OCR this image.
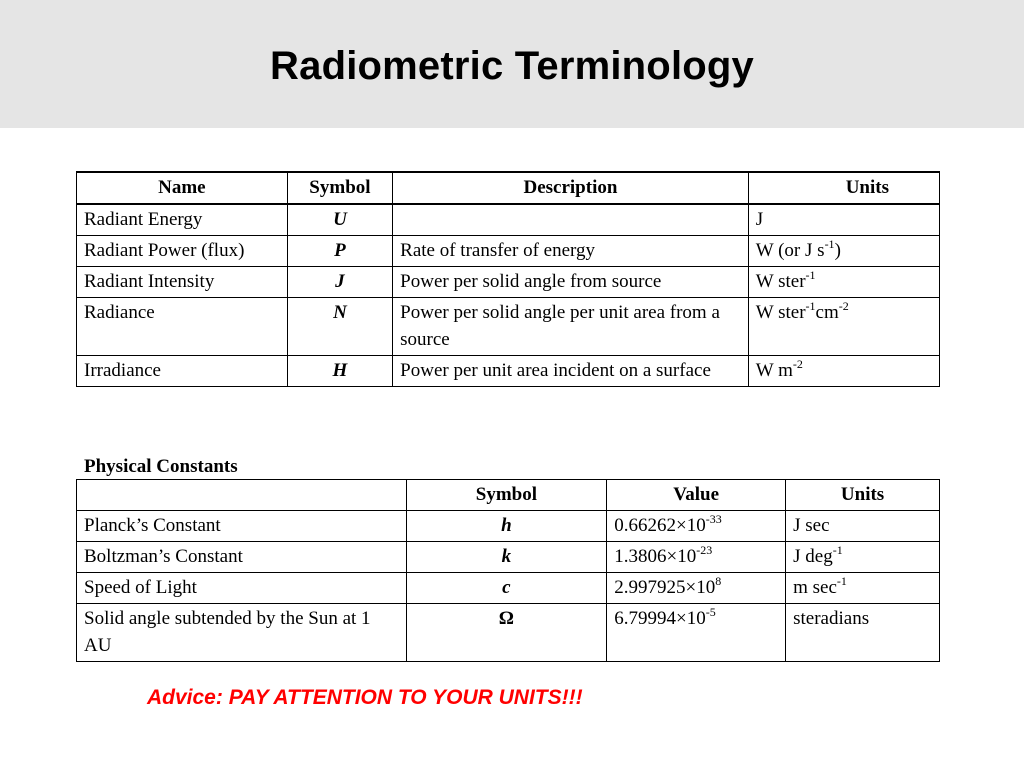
Radiometric Terminology
Name	Symbol	Description	Units
Radiant Energy	U		J
Radiant Power (flux)	P	Rate of transfer of energy	W (or J $s^{-1}$)
Radiant Intensity	J	Power per solid angle from source	W ster$^{-1}$
Radiance	N	Power per solid angle per unit area from a source	W $ster^{-1}cm^{-2}$
Irradiance	H	Power per unit area incident on a surface	W $m^{-2}$
Physical Constants
	Symbol	Value	Units
Planck’s Constant	h	$0.66262\times 10^{-33}$	J sec
Boltzman’s Constant	k	$1.3806\times 10^{-23}$	J deg$^{-1}$
Speed of Light	c	$2.997925\times 10^8$	m $\sec^{-1}$
Solid angle subtended by the Sun at 1 AU	Ω	$6.79994\times 10^{-5}$	steradians
Advice: PAY ATTENTION TO YOUR UNITS!!!
